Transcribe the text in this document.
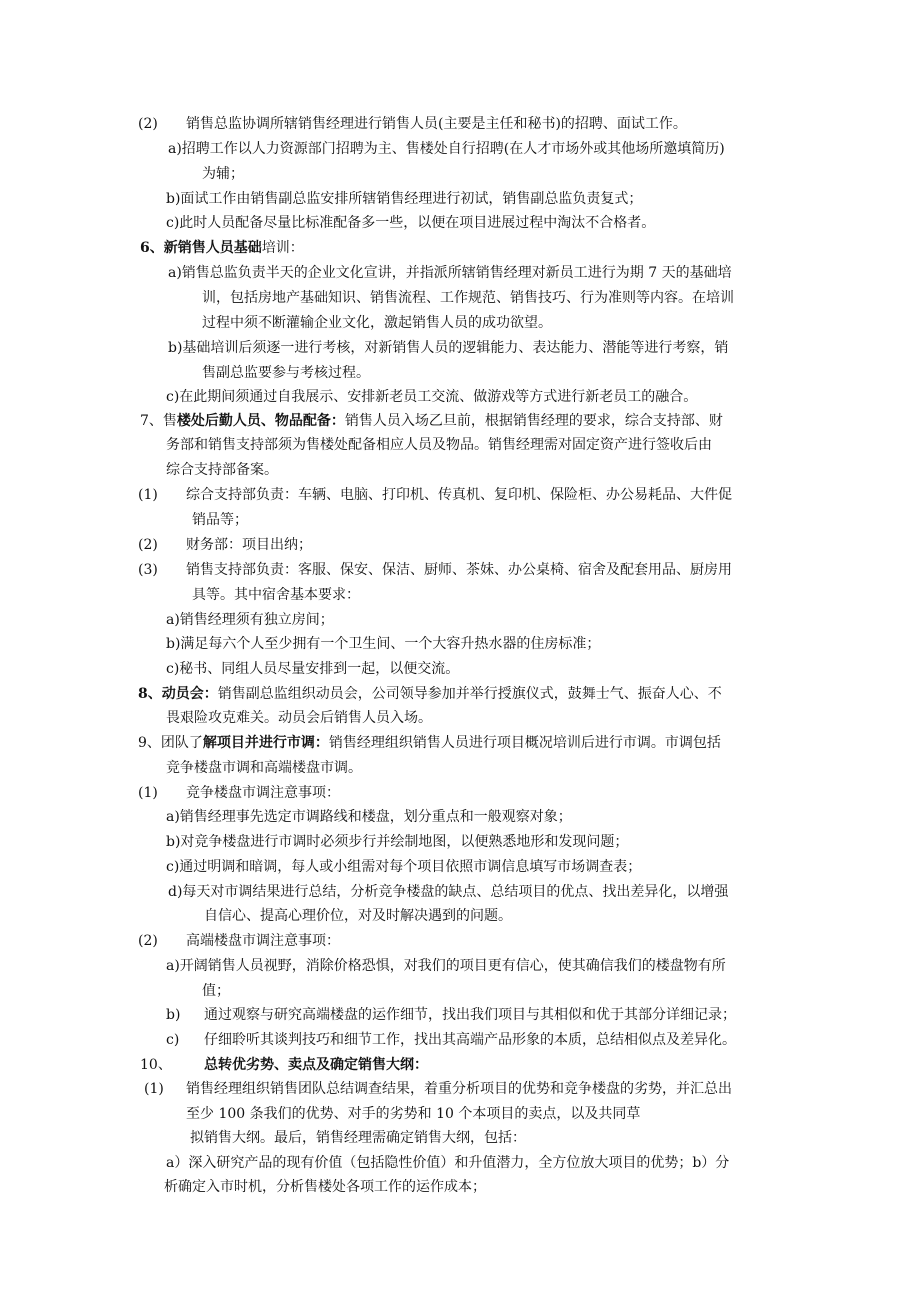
(2) 销售总监协调所辖销售经理进行销售人员(主要是主任和秘书)的招聘、面试工作。
a)招聘工作以人力资源部门招聘为主、售楼处自行招聘(在人才市场外或其他场所邀填简历)
为辅；
b)面试工作由销售副总监安排所辖销售经理进行初试，销售副总监负责复式；
c)此时人员配备尽量比标准配备多一些，以便在项目进展过程中淘汰不合格者。
6、新销售人员基础培训：
a)销售总监负责半天的企业文化宣讲，并指派所辖销售经理对新员工进行为期 7 天的基础培
训，包括房地产基础知识、销售流程、工作规范、销售技巧、行为准则等内容。在培训
过程中须不断灌输企业文化，激起销售人员的成功欲望。
b)基础培训后须逐一进行考核，对新销售人员的逻辑能力、表达能力、潜能等进行考察，销
售副总监要参与考核过程。
c)在此期间须通过自我展示、安排新老员工交流、做游戏等方式进行新老员工的融合。
7、售楼处后勤人员、物品配备：销售人员入场乙旦前，根据销售经理的要求，综合支持部、财
务部和销售支持部须为售楼处配备相应人员及物品。销售经理需对固定资产进行签收后由
综合支持部备案。
(1) 综合支持部负责：车辆、电脑、打印机、传真机、复印机、保险柜、办公易耗品、大件促
销品等；
(2) 财务部：项目出纳；
(3) 销售支持部负责：客服、保安、保洁、厨师、茶妹、办公桌椅、宿舍及配套用品、厨房用
具等。其中宿舍基本要求：
a)销售经理须有独立房间；
b)满足每六个人至少拥有一个卫生间、一个大容升热水器的住房标准；
c)秘书、同组人员尽量安排到一起，以便交流。
8、动员会：销售副总监组织动员会，公司领导参加并举行授旗仪式，鼓舞士气、振奋人心、不
畏艰险攻克难关。动员会后销售人员入场。
9、团队了解项目并进行市调：销售经理组织销售人员进行项目概况培训后进行市调。市调包括
竞争楼盘市调和高端楼盘市调。
(1) 竞争楼盘市调注意事项：
a)销售经理事先选定市调路线和楼盘，划分重点和一般观察对象；
b)对竞争楼盘进行市调时必须步行并绘制地图，以便熟悉地形和发现问题；
c)通过明调和暗调，每人或小组需对每个项目依照市调信息填写市场调查表；
d)每天对市调结果进行总结，分析竞争楼盘的缺点、总结项目的优点、找出差异化，以增强
自信心、提高心理价位，对及时解决遇到的问题。
(2) 高端楼盘市调注意事项：
a)开阔销售人员视野，消除价格恐惧，对我们的项目更有信心，使其确信我们的楼盘物有所
值；
b) 通过观察与研究高端楼盘的运作细节，找出我们项目与其相似和优于其部分详细记录；
c) 仔细聆听其谈判技巧和细节工作，找出其高端产品形象的本质，总结相似点及差异化。
10、 总转优劣势、卖点及确定销售大纲：
(1) 销售经理组织销售团队总结调查结果，着重分析项目的优势和竞争楼盘的劣势，并汇总出
至少 100 条我们的优势、对手的劣势和 10 个本项目的卖点，以及共同草
拟销售大纲。最后，销售经理需确定销售大纲，包括：
a）深入研究产品的现有价值（包括隐性价值）和升值潜力，全方位放大项目的优势；b）分
析确定入市时机，分析售楼处各项工作的运作成本；
